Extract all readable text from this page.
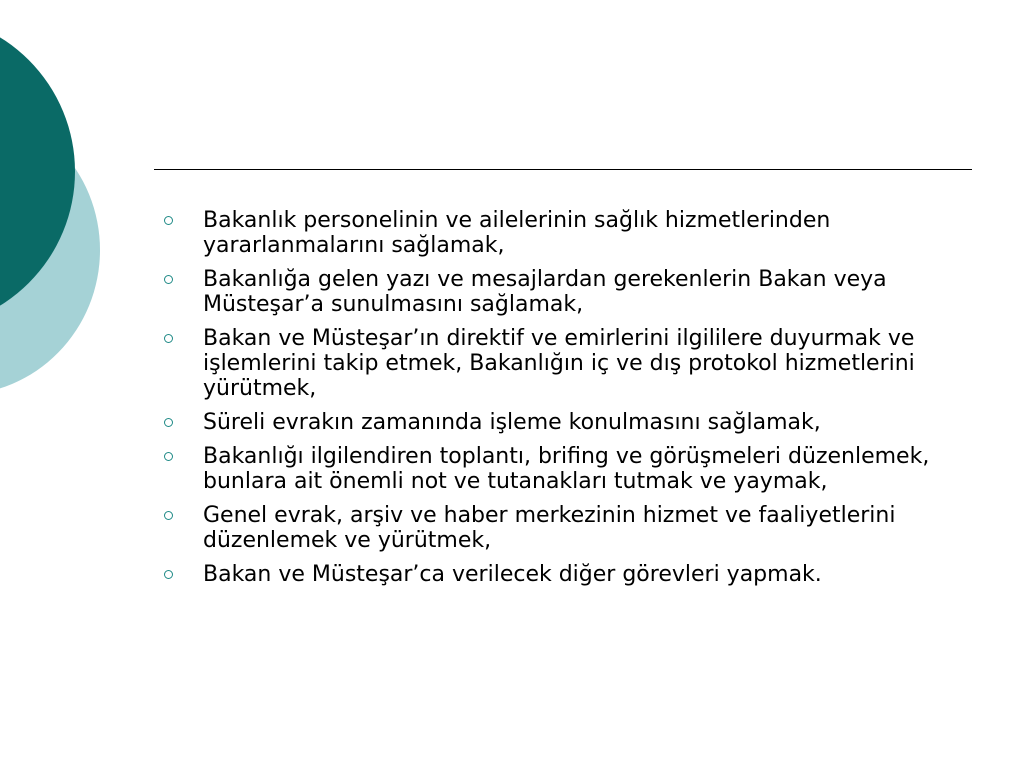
Bakanlık personelinin ve ailelerinin sağlık hizmetlerinden yararlanmalarını sağlamak,
Bakanlığa gelen yazı ve mesajlardan gerekenlerin Bakan veya Müsteşar’a sunulmasını sağlamak,
Bakan ve Müsteşar’ın direktif ve emirlerini ilgililere duyurmak ve işlemlerini takip etmek, Bakanlığın iç ve dış protokol hizmetlerini yürütmek,
Süreli evrakın zamanında işleme konulmasını sağlamak,
Bakanlığı ilgilendiren toplantı, brifing ve görüşmeleri düzenlemek, bunlara ait önemli not ve tutanakları tutmak ve yaymak,
Genel evrak, arşiv ve haber merkezinin hizmet ve faaliyetlerini düzenlemek ve yürütmek,
Bakan ve Müsteşar’ca verilecek diğer görevleri yapmak.
